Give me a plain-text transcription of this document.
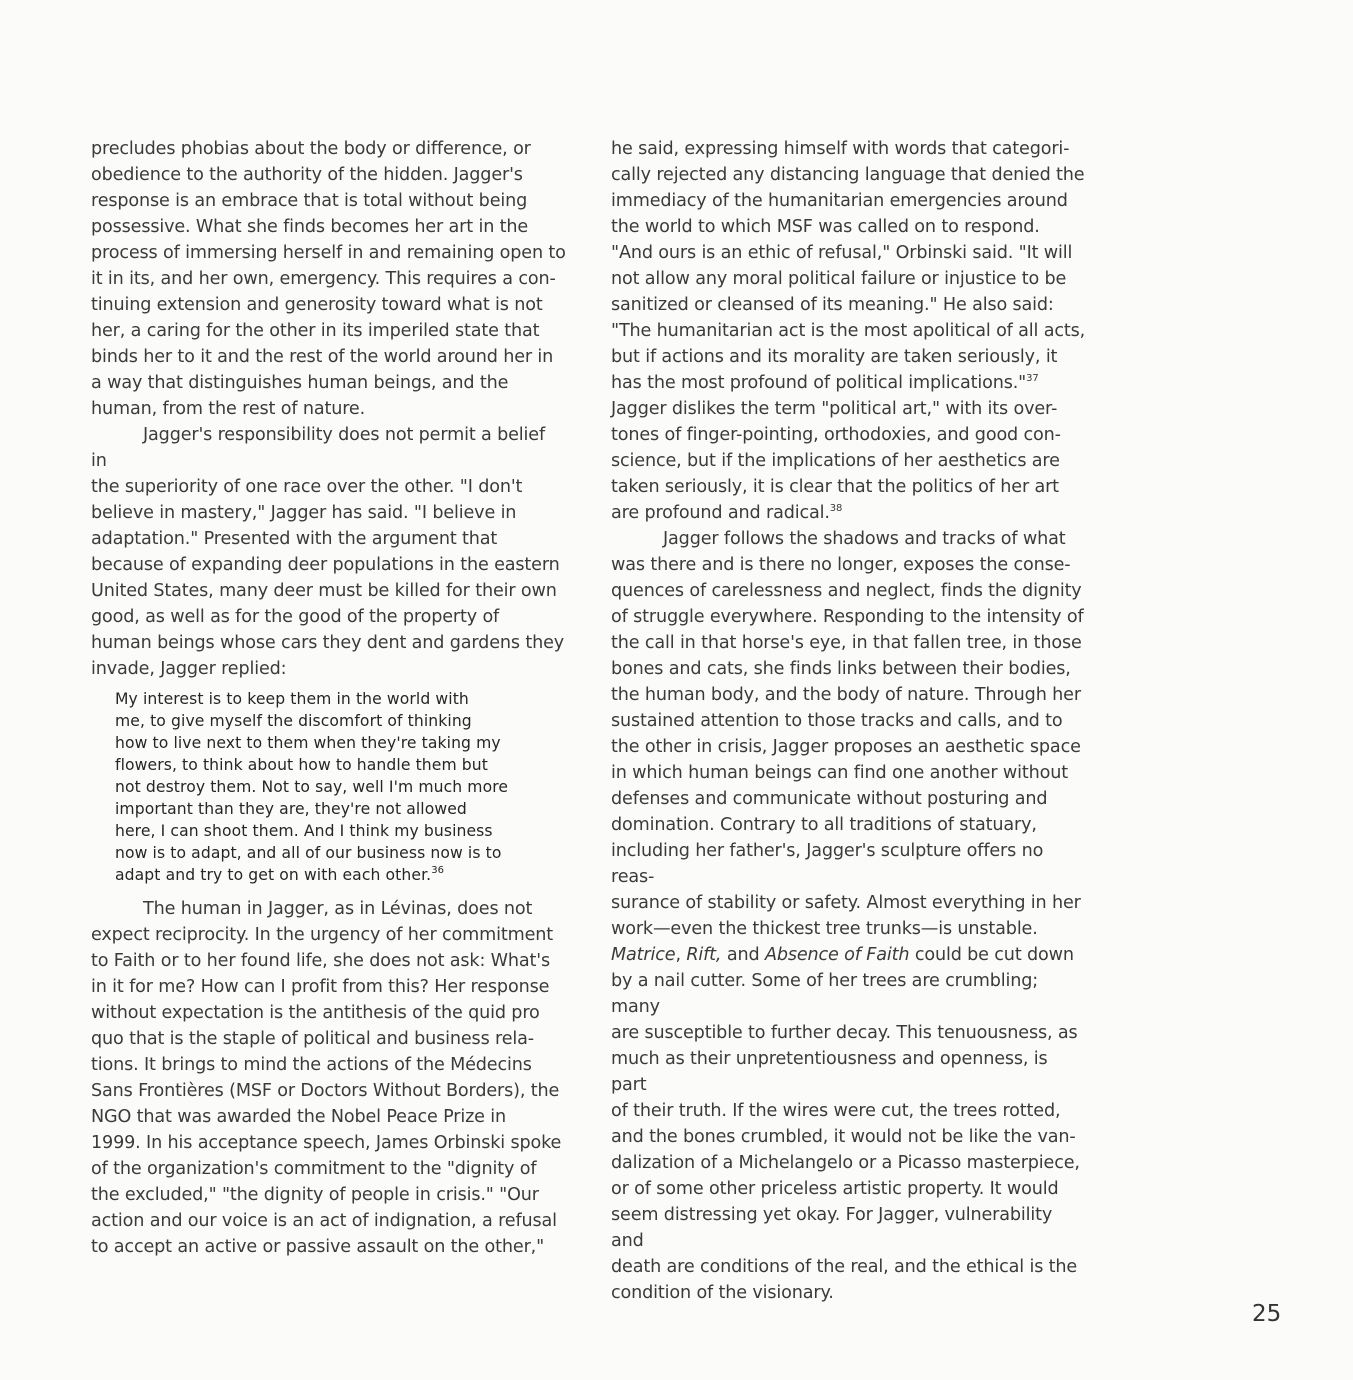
precludes phobias about the body or difference, or
obedience to the authority of the hidden. Jagger's
response is an embrace that is total without being
possessive. What she finds becomes her art in the
process of immersing herself in and remaining open to
it in its, and her own, emergency. This requires a con-
tinuing extension and generosity toward what is not
her, a caring for the other in its imperiled state that
binds her to it and the rest of the world around her in
a way that distinguishes human beings, and the
human, from the rest of nature.

Jagger's responsibility does not permit a belief in
the superiority of one race over the other. "I don't
believe in mastery," Jagger has said. "I believe in
adaptation." Presented with the argument that
because of expanding deer populations in the eastern
United States, many deer must be killed for their own
good, as well as for the good of the property of
human beings whose cars they dent and gardens they
invade, Jagger replied:

My interest is to keep them in the world with
me, to give myself the discomfort of thinking
how to live next to them when they're taking my
flowers, to think about how to handle them but
not destroy them. Not to say, well I'm much more
important than they are, they're not allowed
here, I can shoot them. And I think my business
now is to adapt, and all of our business now is to
adapt and try to get on with each other.$^{36}$

The human in Jagger, as in Lévinas, does not
expect reciprocity. In the urgency of her commitment
to Faith or to her found life, she does not ask: What's
in it for me? How can I profit from this? Her response
without expectation is the antithesis of the quid pro
quo that is the staple of political and business rela-
tions. It brings to mind the actions of the Médecins
Sans Frontières (MSF or Doctors Without Borders), the
NGO that was awarded the Nobel Peace Prize in
1999. In his acceptance speech, James Orbinski spoke
of the organization's commitment to the "dignity of
the excluded," "the dignity of people in crisis." "Our
action and our voice is an act of indignation, a refusal
to accept an active or passive assault on the other,"

he said, expressing himself with words that categori-
cally rejected any distancing language that denied the
immediacy of the humanitarian emergencies around
the world to which MSF was called on to respond.
"And ours is an ethic of refusal," Orbinski said. "It will
not allow any moral political failure or injustice to be
sanitized or cleansed of its meaning." He also said:
"The humanitarian act is the most apolitical of all acts,
but if actions and its morality are taken seriously, it
has the most profound of political implications."$^{37}$
Jagger dislikes the term "political art," with its over-
tones of finger-pointing, orthodoxies, and good con-
science, but if the implications of her aesthetics are
taken seriously, it is clear that the politics of her art
are profound and radical.$^{38}$

Jagger follows the shadows and tracks of what
was there and is there no longer, exposes the conse-
quences of carelessness and neglect, finds the dignity
of struggle everywhere. Responding to the intensity of
the call in that horse's eye, in that fallen tree, in those
bones and cats, she finds links between their bodies,
the human body, and the body of nature. Through her
sustained attention to those tracks and calls, and to
the other in crisis, Jagger proposes an aesthetic space
in which human beings can find one another without
defenses and communicate without posturing and
domination. Contrary to all traditions of statuary,
including her father's, Jagger's sculpture offers no reas-
surance of stability or safety. Almost everything in her
work—even the thickest tree trunks—is unstable.
Matrice, Rift, and Absence of Faith could be cut down
by a nail cutter. Some of her trees are crumbling; many
are susceptible to further decay. This tenuousness, as
much as their unpretentiousness and openness, is part
of their truth. If the wires were cut, the trees rotted,
and the bones crumbled, it would not be like the van-
dalization of a Michelangelo or a Picasso masterpiece,
or of some other priceless artistic property. It would
seem distressing yet okay. For Jagger, vulnerability and
death are conditions of the real, and the ethical is the
condition of the visionary.

25
